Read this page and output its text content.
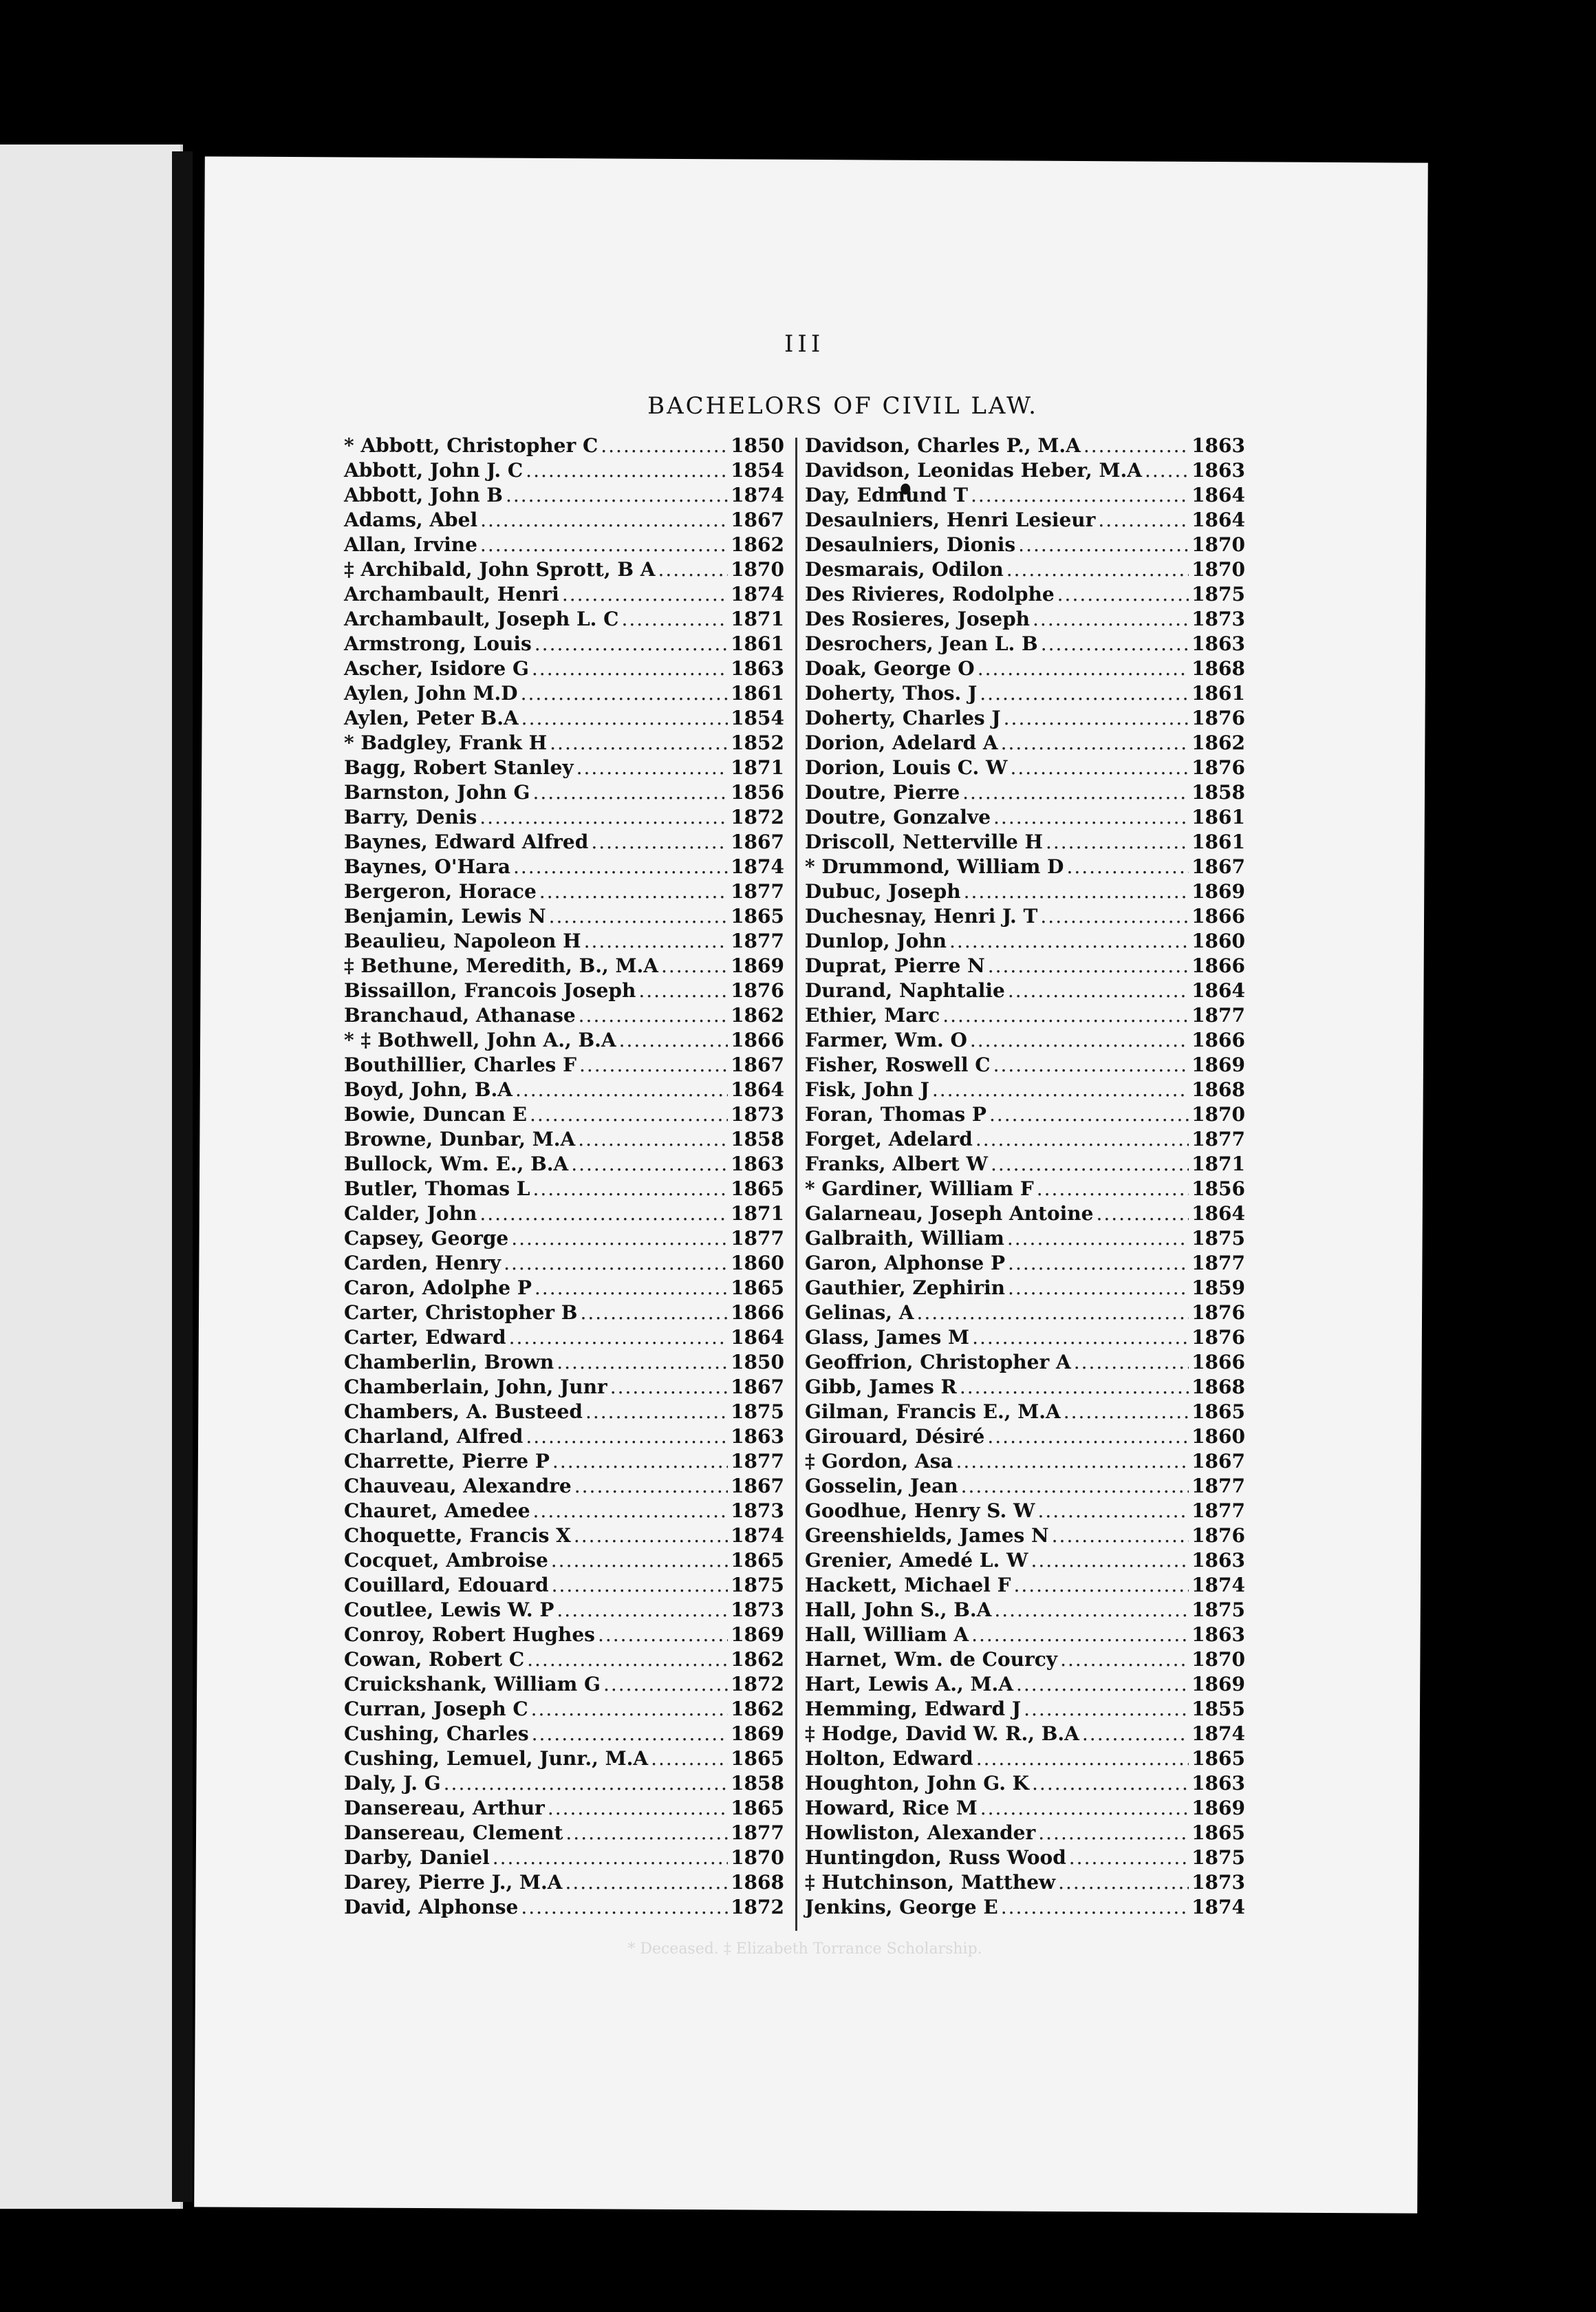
III
BACHELORS OF CIVIL LAW.
* Abbott, Christopher C .....	1850
Abbott, John J. C .....	1854
Abbott, John B .....	1874
Adams, Abel .....	1867
Allan, Irvine .....	1862
‡ Archibald, John Sprott, B A .....	1870
Archambault, Henri .....	1874
Archambault, Joseph L. C .....	1871
Armstrong, Louis .....	1861
Ascher, Isidore G .....	1863
Aylen, John M.D .....	1861
Aylen, Peter B.A .....	1854
* Badgley, Frank H .....	1852
Bagg, Robert Stanley .....	1871
Barnston, John G .....	1856
Barry, Denis .....	1872
Baynes, Edward Alfred .....	1867
Baynes, O'Hara .....	1874
Bergeron, Horace .....	1877
Benjamin, Lewis N .....	1865
Beaulieu, Napoleon H .....	1877
‡ Bethune, Meredith, B., M.A .....	1869
Bissaillon, Francois Joseph .....	1876
Branchaud, Athanase .....	1862
* ‡ Bothwell, John A., B.A .....	1866
Bouthillier, Charles F .....	1867
Boyd, John, B.A .....	1864
Bowie, Duncan E .....	1873
Browne, Dunbar, M.A .....	1858
Bullock, Wm. E., B.A .....	1863
Butler, Thomas L .....	1865
Calder, John .....	1871
Capsey, George .....	1877
Carden, Henry .....	1860
Caron, Adolphe P .....	1865
Carter, Christopher B .....	1866
Carter, Edward .....	1864
Chamberlin, Brown .....	1850
Chamberlain, John, Junr .....	1867
Chambers, A. Busteed .....	1875
Charland, Alfred .....	1863
Charrette, Pierre P .....	1877
Chauveau, Alexandre .....	1867
Chauret, Amedee .....	1873
Choquette, Francis X .....	1874
Cocquet, Ambroise .....	1865
Couillard, Edouard .....	1875
Coutlee, Lewis W. P .....	1873
Conroy, Robert Hughes .....	1869
Cowan, Robert C .....	1862
Cruickshank, William G .....	1872
Curran, Joseph C .....	1862
Cushing, Charles .....	1869
Cushing, Lemuel, Junr., M.A .....	1865
Daly, J. G .....	1858
Dansereau, Arthur .....	1865
Dansereau, Clement .....	1877
Darby, Daniel .....	1870
Darey, Pierre J., M.A .....	1868
David, Alphonse .....	1872
Davidson, Charles P., M.A .....	1863
Davidson, Leonidas Heber, M.A .....	1863
Day, Edmund T .....	1864
Desaulniers, Henri Lesieur .....	1864
Desaulniers, Dionis .....	1870
Desmarais, Odilon .....	1870
Des Rivieres, Rodolphe .....	1875
Des Rosieres, Joseph .....	1873
Desrochers, Jean L. B .....	1863
Doak, George O .....	1868
Doherty, Thos. J .....	1861
Doherty, Charles J .....	1876
Dorion, Adelard A .....	1862
Dorion, Louis C. W .....	1876
Doutre, Pierre .....	1858
Doutre, Gonzalve .....	1861
Driscoll, Netterville H .....	1861
* Drummond, William D .....	1867
Dubuc, Joseph .....	1869
Duchesnay, Henri J. T .....	1866
Dunlop, John .....	1860
Duprat, Pierre N .....	1866
Durand, Naphtalie .....	1864
Ethier, Marc .....	1877
Farmer, Wm. O .....	1866
Fisher, Roswell C .....	1869
Fisk, John J .....	1868
Foran, Thomas P .....	1870
Forget, Adelard .....	1877
Franks, Albert W .....	1871
* Gardiner, William F .....	1856
Galarneau, Joseph Antoine .....	1864
Galbraith, William .....	1875
Garon, Alphonse P .....	1877
Gauthier, Zephirin .....	1859
Gelinas, A .....	1876
Glass, James M .....	1876
Geoffrion, Christopher A .....	1866
Gibb, James R .....	1868
Gilman, Francis E., M.A .....	1865
Girouard, Désiré .....	1860
‡ Gordon, Asa .....	1867
Gosselin, Jean .....	1877
Goodhue, Henry S. W .....	1877
Greenshields, James N .....	1876
Grenier, Amedé L. W .....	1863
Hackett, Michael F .....	1874
Hall, John S., B.A .....	1875
Hall, William A .....	1863
Harnet, Wm. de Courcy .....	1870
Hart, Lewis A., M.A .....	1869
Hemming, Edward J .....	1855
‡ Hodge, David W. R., B.A .....	1874
Holton, Edward .....	1865
Houghton, John G. K .....	1863
Howard, Rice M .....	1869
Howliston, Alexander .....	1865
Huntingdon, Russ Wood .....	1875
‡ Hutchinson, Matthew .....	1873
Jenkins, George E .....	1874
* Deceased. ‡ Elizabeth Torrance Scholarship.
